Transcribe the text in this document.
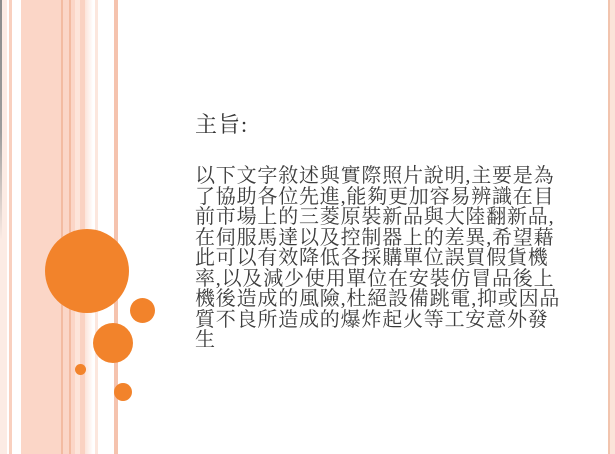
主旨:
以下文字敘述與實際照片說明,主要是為
了協助各位先進,能夠更加容易辨識在目
前市場上的三菱原裝新品與大陸翻新品,
在伺服馬達以及控制器上的差異,希望藉
此可以有效降低各採購單位誤買假貨機
率,以及減少使用單位在安裝仿冒品後上
機後造成的風險,杜絕設備跳電,抑或因品
質不良所造成的爆炸起火等工安意外發
生
